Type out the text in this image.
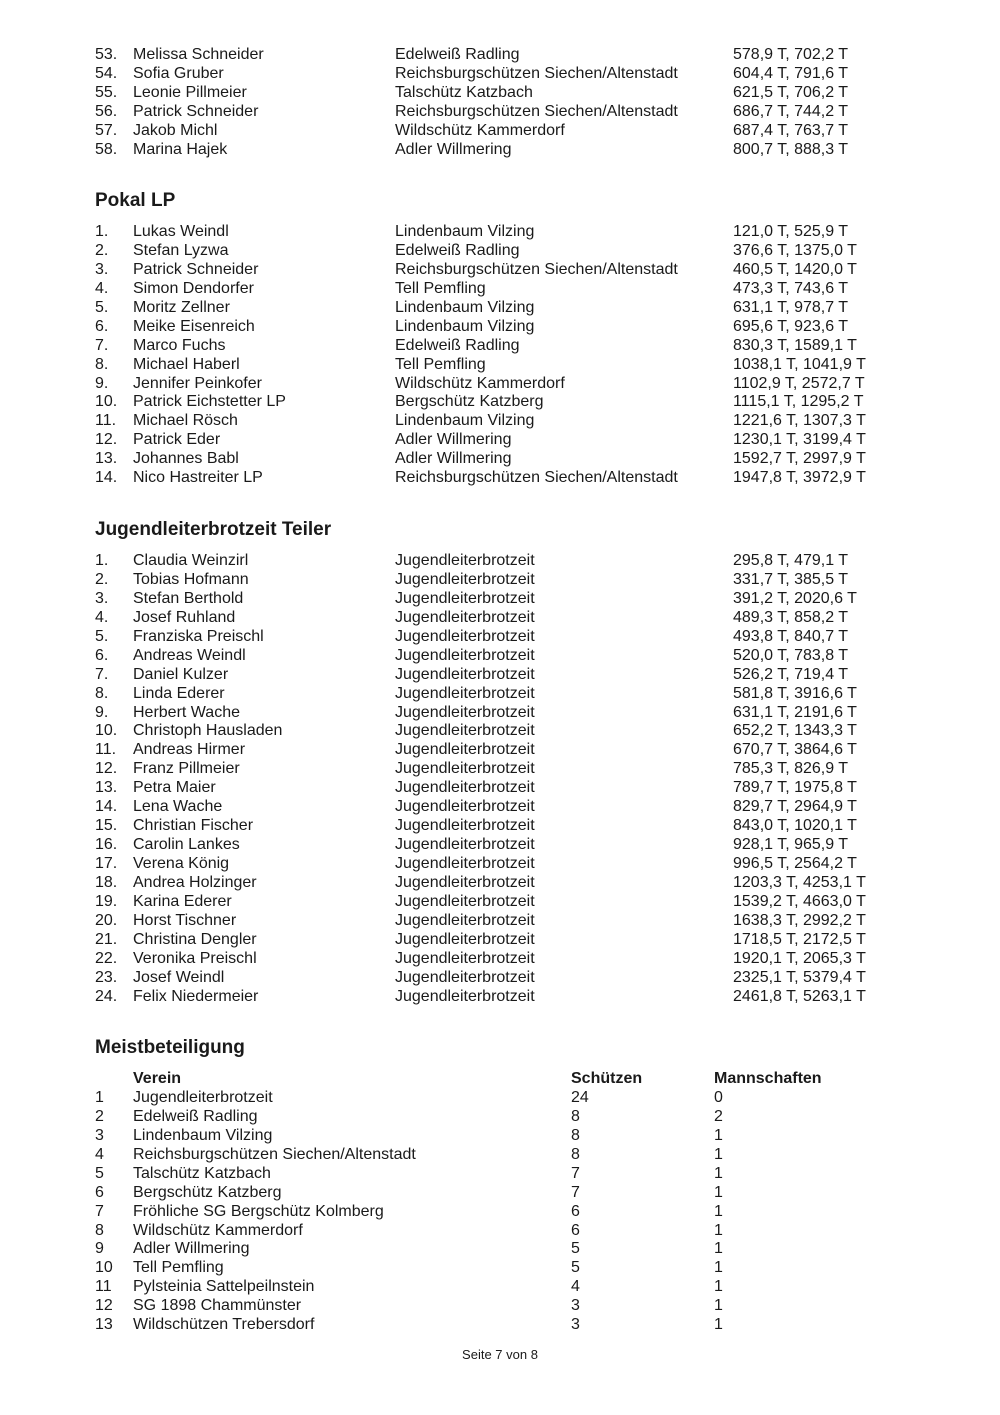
53. Melissa Schneider	Edelweiß Radling	578,9 T, 702,2 T
54. Sofia Gruber	Reichsburgschützen Siechen/Altenstadt	604,4 T, 791,6 T
55. Leonie Pillmeier	Talschütz Katzbach	621,5 T, 706,2 T
56. Patrick Schneider	Reichsburgschützen Siechen/Altenstadt	686,7 T, 744,2 T
57. Jakob Michl	Wildschütz Kammerdorf	687,4 T, 763,7 T
58. Marina Hajek	Adler Willmering	800,7 T, 888,3 T
Pokal LP
1. Lukas Weindl	Lindenbaum Vilzing	121,0 T, 525,9 T
2. Stefan Lyzwa	Edelweiß Radling	376,6 T, 1375,0 T
3. Patrick Schneider	Reichsburgschützen Siechen/Altenstadt	460,5 T, 1420,0 T
4. Simon Dendorfer	Tell Pemfling	473,3 T, 743,6 T
5. Moritz Zellner	Lindenbaum Vilzing	631,1 T, 978,7 T
6. Meike Eisenreich	Lindenbaum Vilzing	695,6 T, 923,6 T
7. Marco Fuchs	Edelweiß Radling	830,3 T, 1589,1 T
8. Michael Haberl	Tell Pemfling	1038,1 T, 1041,9 T
9. Jennifer Peinkofer	Wildschütz Kammerdorf	1102,9 T, 2572,7 T
10. Patrick Eichstetter LP	Bergschütz Katzberg	1115,1 T, 1295,2 T
11. Michael Rösch	Lindenbaum Vilzing	1221,6 T, 1307,3 T
12. Patrick Eder	Adler Willmering	1230,1 T, 3199,4 T
13. Johannes Babl	Adler Willmering	1592,7 T, 2997,9 T
14. Nico Hastreiter LP	Reichsburgschützen Siechen/Altenstadt	1947,8 T, 3972,9 T
Jugendleiterbrotzeit Teiler
1. Claudia Weinzirl	Jugendleiterbrotzeit	295,8 T, 479,1 T
2. Tobias Hofmann	Jugendleiterbrotzeit	331,7 T, 385,5 T
3. Stefan Berthold	Jugendleiterbrotzeit	391,2 T, 2020,6 T
4. Josef Ruhland	Jugendleiterbrotzeit	489,3 T, 858,2 T
5. Franziska Preischl	Jugendleiterbrotzeit	493,8 T, 840,7 T
6. Andreas Weindl	Jugendleiterbrotzeit	520,0 T, 783,8 T
7. Daniel Kulzer	Jugendleiterbrotzeit	526,2 T, 719,4 T
8. Linda Ederer	Jugendleiterbrotzeit	581,8 T, 3916,6 T
9. Herbert Wache	Jugendleiterbrotzeit	631,1 T, 2191,6 T
10. Christoph Hausladen	Jugendleiterbrotzeit	652,2 T, 1343,3 T
11. Andreas Hirmer	Jugendleiterbrotzeit	670,7 T, 3864,6 T
12. Franz Pillmeier	Jugendleiterbrotzeit	785,3 T, 826,9 T
13. Petra Maier	Jugendleiterbrotzeit	789,7 T, 1975,8 T
14. Lena Wache	Jugendleiterbrotzeit	829,7 T, 2964,9 T
15. Christian Fischer	Jugendleiterbrotzeit	843,0 T, 1020,1 T
16. Carolin Lankes	Jugendleiterbrotzeit	928,1 T, 965,9 T
17. Verena König	Jugendleiterbrotzeit	996,5 T, 2564,2 T
18. Andrea Holzinger	Jugendleiterbrotzeit	1203,3 T, 4253,1 T
19. Karina Ederer	Jugendleiterbrotzeit	1539,2 T, 4663,0 T
20. Horst Tischner	Jugendleiterbrotzeit	1638,3 T, 2992,2 T
21. Christina Dengler	Jugendleiterbrotzeit	1718,5 T, 2172,5 T
22. Veronika Preischl	Jugendleiterbrotzeit	1920,1 T, 2065,3 T
23. Josef Weindl	Jugendleiterbrotzeit	2325,1 T, 5379,4 T
24. Felix Niedermeier	Jugendleiterbrotzeit	2461,8 T, 5263,1 T
Meistbeteiligung
Verein	Schützen	Mannschaften
1 Jugendleiterbrotzeit	24	0
2 Edelweiß Radling	8	2
3 Lindenbaum Vilzing	8	1
4 Reichsburgschützen Siechen/Altenstadt	8	1
5 Talschütz Katzbach	7	1
6 Bergschütz Katzberg	7	1
7 Fröhliche SG Bergschütz Kolmberg	6	1
8 Wildschütz Kammerdorf	6	1
9 Adler Willmering	5	1
10 Tell Pemfling	5	1
11 Pylsteinia Sattelpeilnstein	4	1
12 SG 1898 Chammünster	3	1
13 Wildschützen Trebersdorf	3	1
Seite 7 von 8
